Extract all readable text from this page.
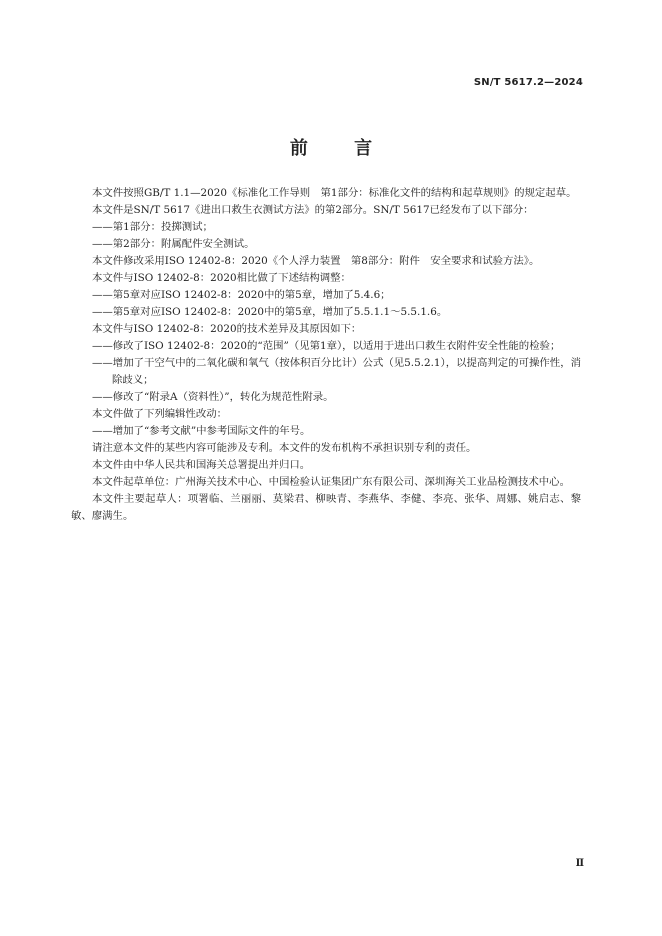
SN/T 5617.2—2024
前 言

本文件按照GB/T 1.1—2020《标准化工作导则　第1部分：标准化文件的结构和起草规则》的规定起草。

本文件是SN/T 5617《进出口救生衣测试方法》的第2部分。SN/T 5617已经发布了以下部分：

——第1部分：投掷测试；

——第2部分：附属配件安全测试。

本文件修改采用ISO 12402-8：2020《个人浮力装置　第8部分：附件　安全要求和试验方法》。

本文件与ISO 12402-8：2020相比做了下述结构调整：

——第5章对应ISO 12402-8：2020中的第5章，增加了5.4.6；

——第5章对应ISO 12402-8：2020中的第5章，增加了5.5.1.1～5.5.1.6。

本文件与ISO 12402-8：2020的技术差异及其原因如下：

——修改了ISO 12402-8：2020的“范围”（见第1章），以适用于进出口救生衣附件安全性能的检验；

——增加了干空气中的二氧化碳和氧气（按体积百分比计）公式（见5.5.2.1），以提高判定的可操作性，消除歧义；

——修改了“附录A（资料性）”，转化为规范性附录。

本文件做了下列编辑性改动：

——增加了“参考文献”中参考国际文件的年号。

请注意本文件的某些内容可能涉及专利。本文件的发布机构不承担识别专利的责任。

本文件由中华人民共和国海关总署提出并归口。

本文件起草单位：广州海关技术中心、中国检验认证集团广东有限公司、深圳海关工业品检测技术中心。

本文件主要起草人：项署临、兰丽丽、莫梁君、柳映青、李燕华、李健、李亮、张华、周娜、姚启志、黎敏、廖满生。

Ⅱ
